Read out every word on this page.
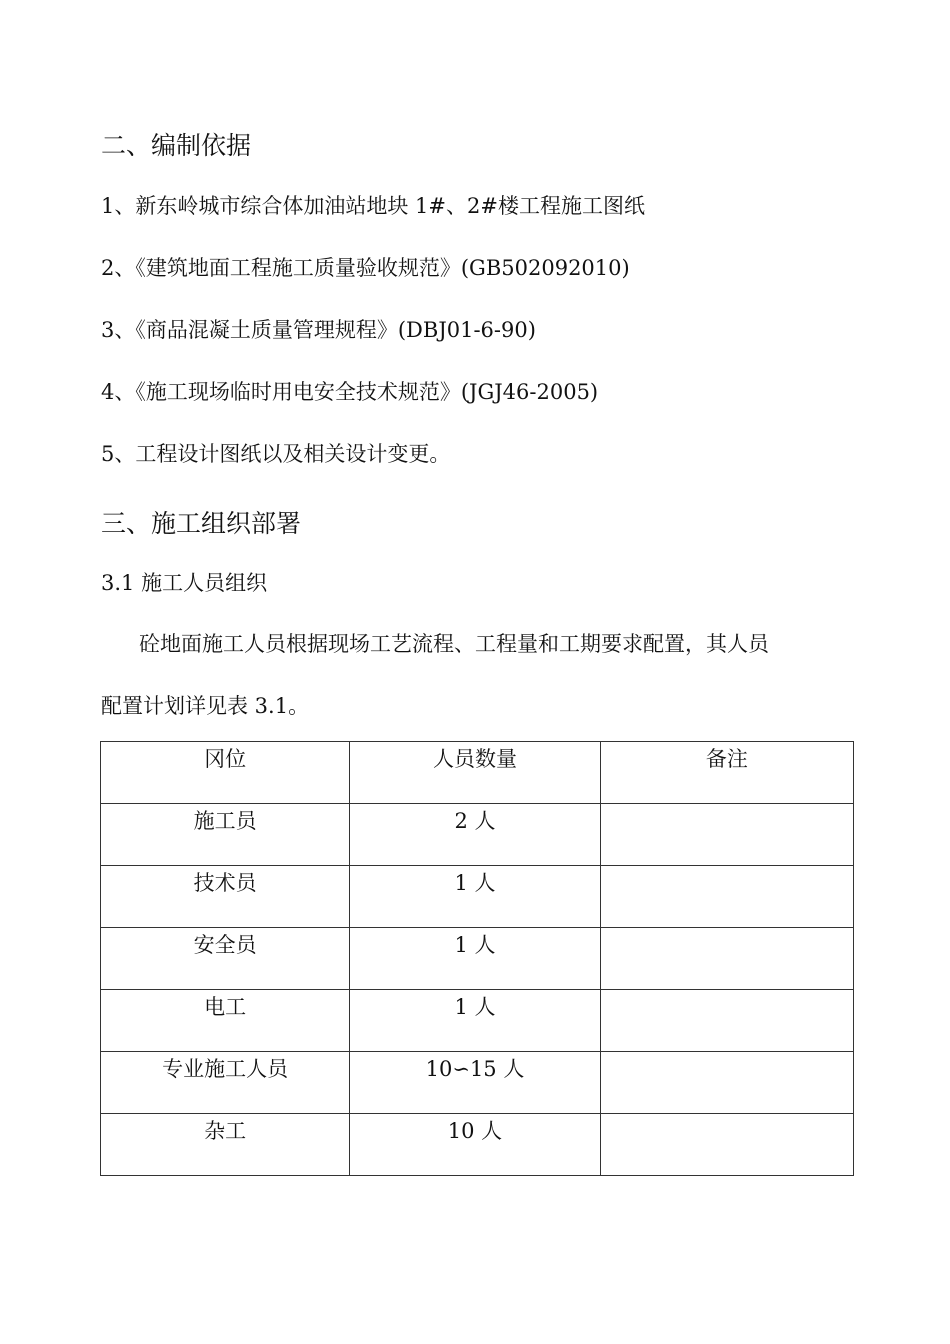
二、编制依据
1、新东岭城市综合体加油站地块 1#、2#楼工程施工图纸
2、《建筑地面工程施工质量验收规范》(GB502092010)
3、《商品混凝土质量管理规程》(DBJ01-6-90)
4、《施工现场临时用电安全技术规范》(JGJ46-2005)
5、工程设计图纸以及相关设计变更。
三、施工组织部署
3.1 施工人员组织
砼地面施工人员根据现场工艺流程、工程量和工期要求配置，其人员
配置计划详见表 3.1。
冈位	人员数量	备注

施工员	2 人	

技术员	1 人	

安全员	1 人	

电工	1 人	

专业施工人员	10∽15 人	

杂工	10 人	
